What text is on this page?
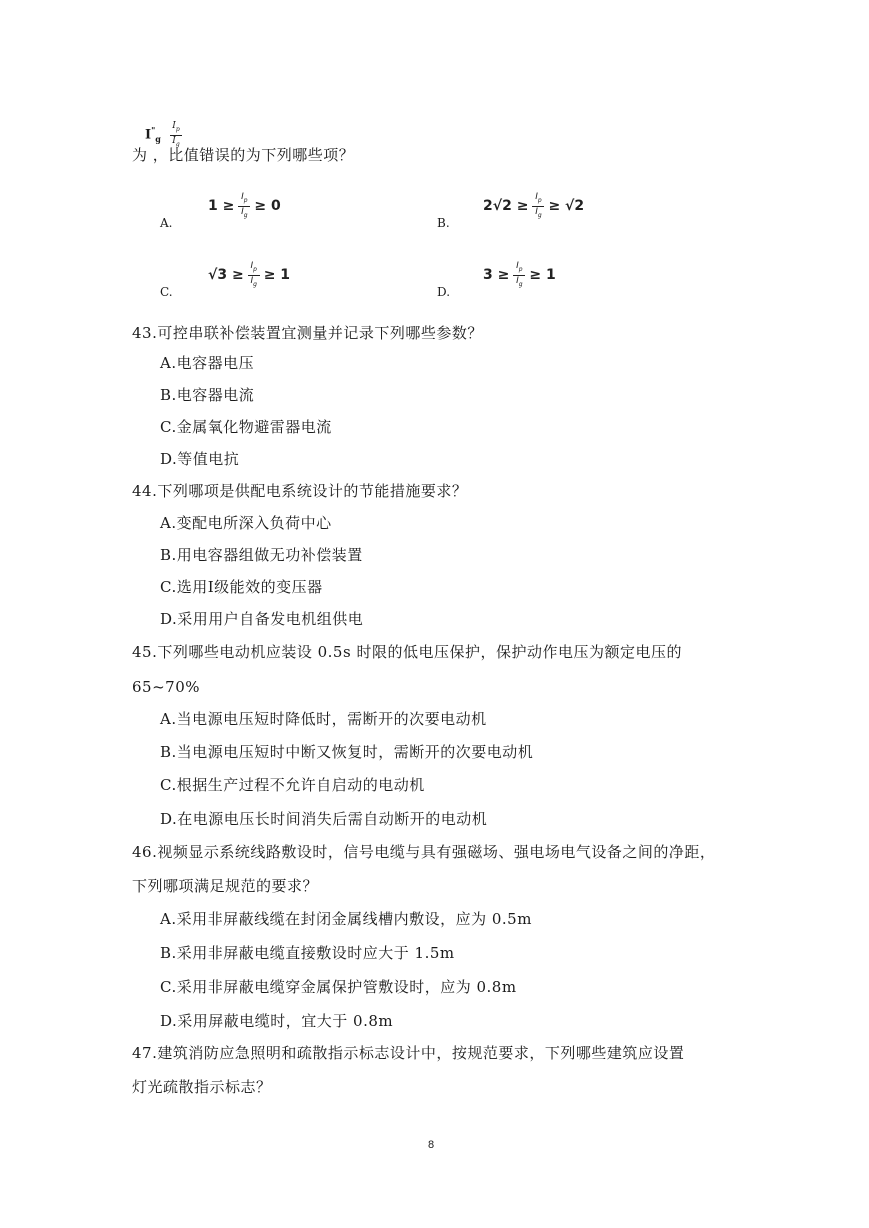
$I^"_g$
$I_p$
$I_g$
为 ，比值错误的为下列哪些项？
A.
$1 \ge \frac{I_p}{I_g} \ge 0$
B.
$2√2 \ge \frac{I_p}{I_g} \ge √2$
C.
$√3 \ge \frac{I_p}{I_g} \ge 1$
D.
$3 \ge \frac{I_p}{I_g} \ge 1$
43.可控串联补偿装置宜测量并记录下列哪些参数？
A.电容器电压
B.电容器电流
C.金属氧化物避雷器电流
D.等值电抗
44.下列哪项是供配电系统设计的节能措施要求？
A.变配电所深入负荷中心
B.用电容器组做无功补偿装置
C.选用Ⅰ级能效的变压器
D.采用用户自备发电机组供电
45.下列哪些电动机应装设 0.5s 时限的低电压保护，保护动作电压为额定电压的
65~70%
A.当电源电压短时降低时，需断开的次要电动机
B.当电源电压短时中断又恢复时，需断开的次要电动机
C.根据生产过程不允许自启动的电动机
D.在电源电压长时间消失后需自动断开的电动机
46.视频显示系统线路敷设时，信号电缆与具有强磁场、强电场电气设备之间的净距，
下列哪项满足规范的要求？
A.采用非屏蔽线缆在封闭金属线槽内敷设，应为 0.5m
B.采用非屏蔽电缆直接敷设时应大于 1.5m
C.采用非屏蔽电缆穿金属保护管敷设时，应为 0.8m
D.采用屏蔽电缆时，宜大于 0.8m
47.建筑消防应急照明和疏散指示标志设计中，按规范要求，下列哪些建筑应设置
灯光疏散指示标志？
8
